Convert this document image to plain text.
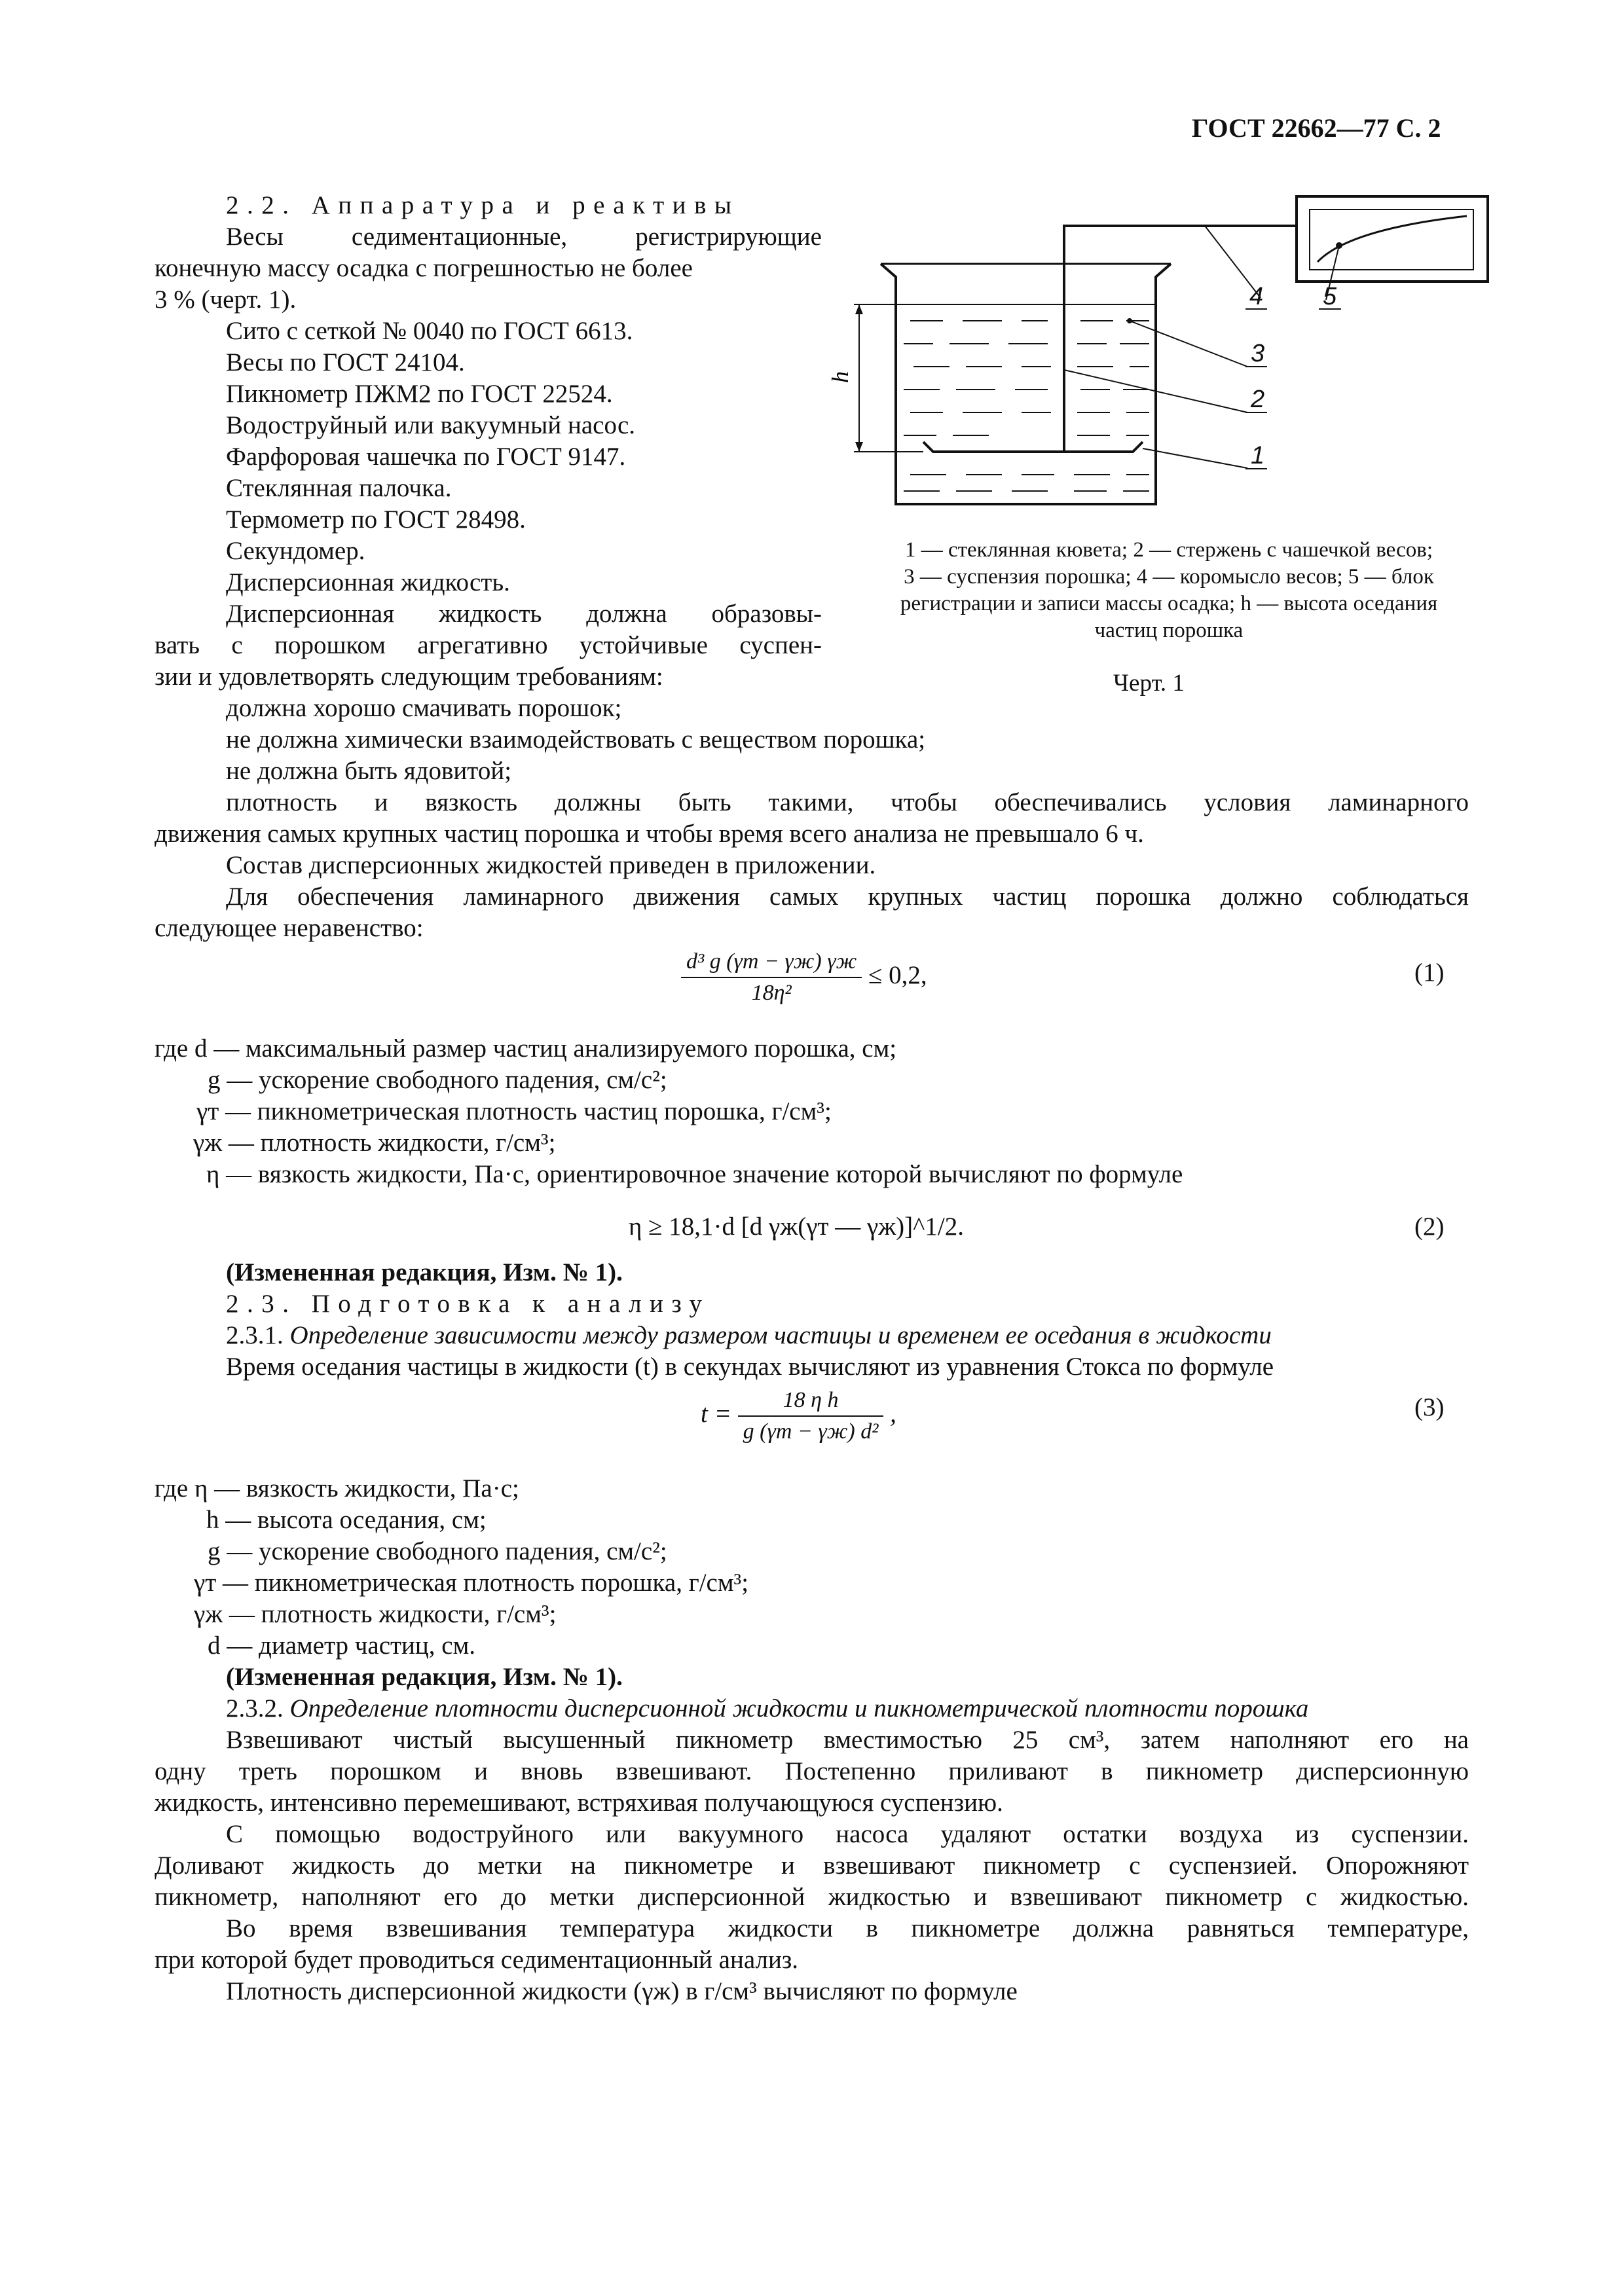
ГОСТ 22662—77 С. 2
2.2. Аппаратура и реактивы
Весы седиментационные, регистрирующие
конечную массу осадка с погрешностью не более
3 % (черт. 1).
Сито с сеткой № 0040 по ГОСТ 6613.
Весы по ГОСТ 24104.
Пикнометр ПЖМ2 по ГОСТ 22524.
Водоструйный или вакуумный насос.
Фарфоровая чашечка по ГОСТ 9147.
Стеклянная палочка.
Термометр по ГОСТ 28498.
Секундомер.
Дисперсионная жидкость.
Дисперсионная жидкость должна образовы-
вать с порошком агрегативно устойчивые суспен-
зии и удовлетворять следующим требованиям:
h
4 5
3
2
1
1 — стеклянная кювета; 2 — стержень с чашечкой весов;
3 — суспензия порошка; 4 — коромысло весов; 5 — блок
регистрации и записи массы осадка; h — высота оседания
частиц порошка
Черт. 1
должна хорошо смачивать порошок;
не должна химически взаимодействовать с веществом порошка;
не должна быть ядовитой;
плотность и вязкость должны быть такими, чтобы обеспечивались условия ламинарного
движения самых крупных частиц порошка и чтобы время всего анализа не превышало 6 ч.
Состав дисперсионных жидкостей приведен в приложении.
Для обеспечения ламинарного движения самых крупных частиц порошка должно соблюдаться
следующее неравенство:
$\frac{\text{d³ g (γт − γж) γж}}{\text{18η²}} \le 0,2$,	(1)
где d — максимальный размер частиц анализируемого порошка, см;
g — ускорение свободного падения, см/с²;
γт — пикнометрическая плотность частиц порошка, г/см³;
γж — плотность жидкости, г/см³;
η — вязкость жидкости, Па·с, ориентировочное значение которой вычисляют по формуле
η ≥ 18,1·d [d γж(γт — γж)]^1/2.	(2)
(Измененная редакция, Изм. № 1).
2.3. Подготовка к анализу
2.3.1. Определение зависимости между размером частицы и временем ее оседания в жидкости
Время оседания частицы в жидкости (t) в секундах вычисляют из уравнения Стокса по формуле
$t = \frac{\text{18 η h}}{\text{g (γт − γж) d²}}$ ,	(3)
где η — вязкость жидкости, Па·с;
h — высота оседания, см;
g — ускорение свободного падения, см/с²;
γт — пикнометрическая плотность порошка, г/см³;
γж — плотность жидкости, г/см³;
d — диаметр частиц, см.
(Измененная редакция, Изм. № 1).
2.3.2. Определение плотности дисперсионной жидкости и пикнометрической плотности порошка
Взвешивают чистый высушенный пикнометр вместимостью 25 см³, затем наполняют его на
одну треть порошком и вновь взвешивают. Постепенно приливают в пикнометр дисперсионную
жидкость, интенсивно перемешивают, встряхивая получающуюся суспензию.
С помощью водоструйного или вакуумного насоса удаляют остатки воздуха из суспензии.
Доливают жидкость до метки на пикнометре и взвешивают пикнометр с суспензией. Опорожняют
пикнометр, наполняют его до метки дисперсионной жидкостью и взвешивают пикнометр с жидкостью.
Во время взвешивания температура жидкости в пикнометре должна равняться температуре,
при которой будет проводиться седиментационный анализ.
Плотность дисперсионной жидкости (γж) в г/см³ вычисляют по формуле
